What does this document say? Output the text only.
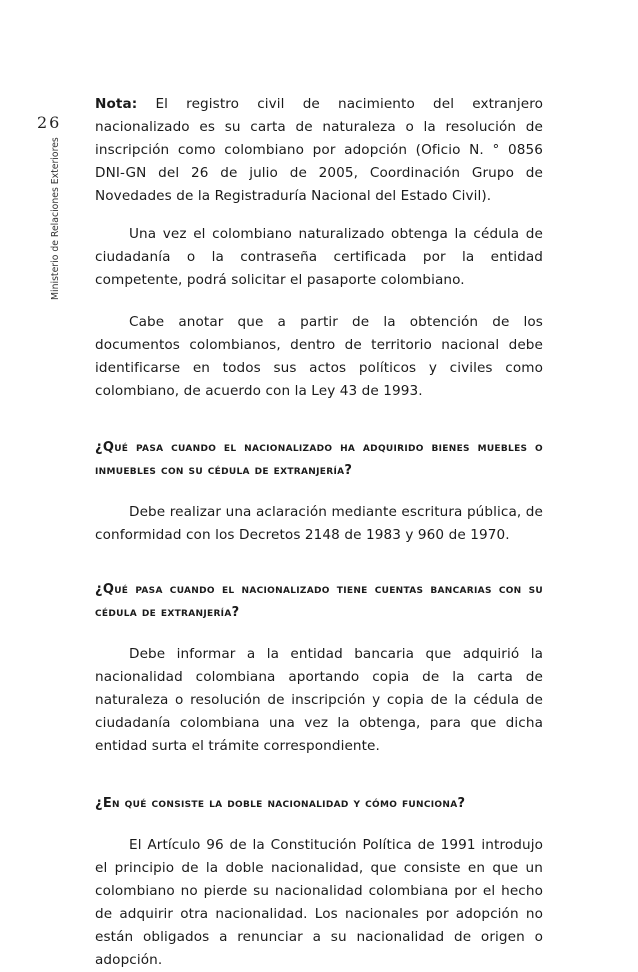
26
Ministerio de Relaciones Exteriores

Nota: El registro civil de nacimiento del extranjero nacionalizado es su carta de naturaleza o la resolución de inscripción como colombiano por adopción (Oficio N. ° 0856 DNI-GN del 26 de julio de 2005, Coordinación Grupo de Novedades de la Registraduría Nacional del Estado Civil).

Una vez el colombiano naturalizado obtenga la cédula de ciudadanía o la contraseña certificada por la entidad competente, podrá solicitar el pasaporte colombiano.

Cabe anotar que a partir de la obtención de los documentos colombianos, dentro de territorio nacional debe identificarse en todos sus actos políticos y civiles como colombiano, de acuerdo con la Ley 43 de 1993.

¿Qué pasa cuando el nacionalizado ha adquirido bienes muebles o inmuebles con su cédula de extranjería?

Debe realizar una aclaración mediante escritura pública, de conformidad con los Decretos 2148 de 1983 y 960 de 1970.

¿Qué pasa cuando el nacionalizado tiene cuentas bancarias con su cédula de extranjería?

Debe informar a la entidad bancaria que adquirió la nacionalidad colombiana aportando copia de la carta de naturaleza o resolución de inscripción y copia de la cédula de ciudadanía colombiana una vez la obtenga, para que dicha entidad surta el trámite correspondiente.

¿En qué consiste la doble nacionalidad y cómo funciona?

El Artículo 96 de la Constitución Política de 1991 introdujo el principio de la doble nacionalidad, que consiste en que un colombiano no pierde su nacionalidad colombiana por el hecho de adquirir otra nacionalidad. Los nacionales por adopción no están obligados a renunciar a su nacionalidad de origen o adopción.
